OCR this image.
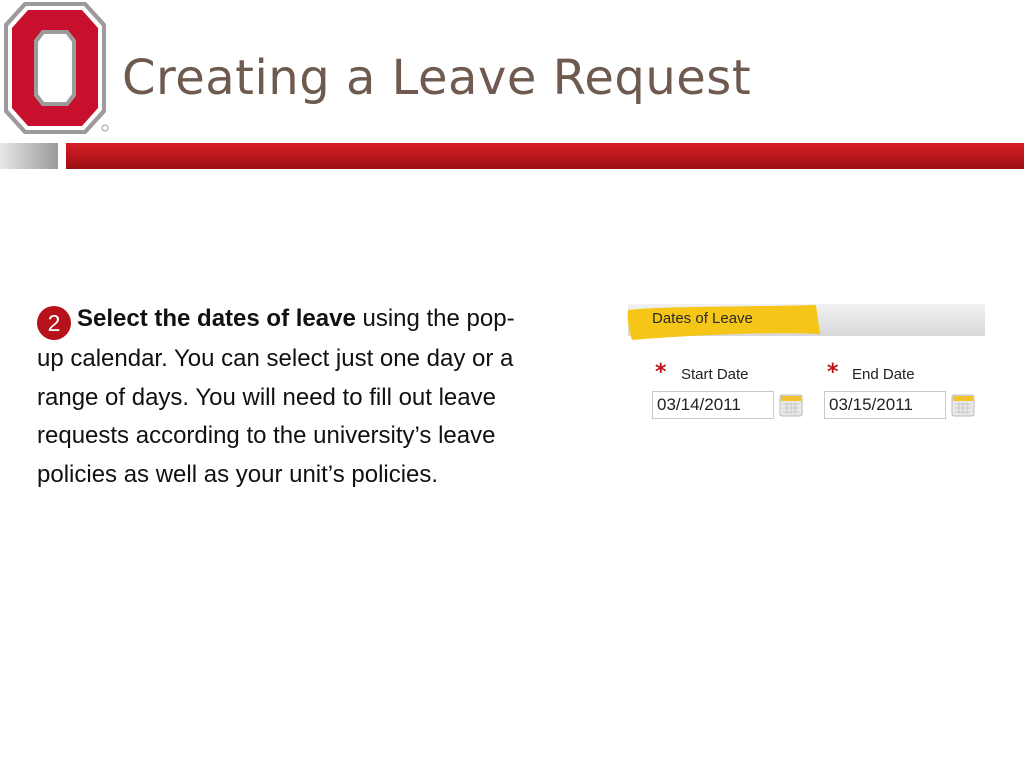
Creating a Leave Request
2 Select the dates of leave using the pop-
up calendar. You can select just one day or a
range of days. You will need to fill out leave
requests according to the university’s leave
policies as well as your unit’s policies.
Dates of Leave
* Start Date
03/14/2011
* End Date
03/15/2011
